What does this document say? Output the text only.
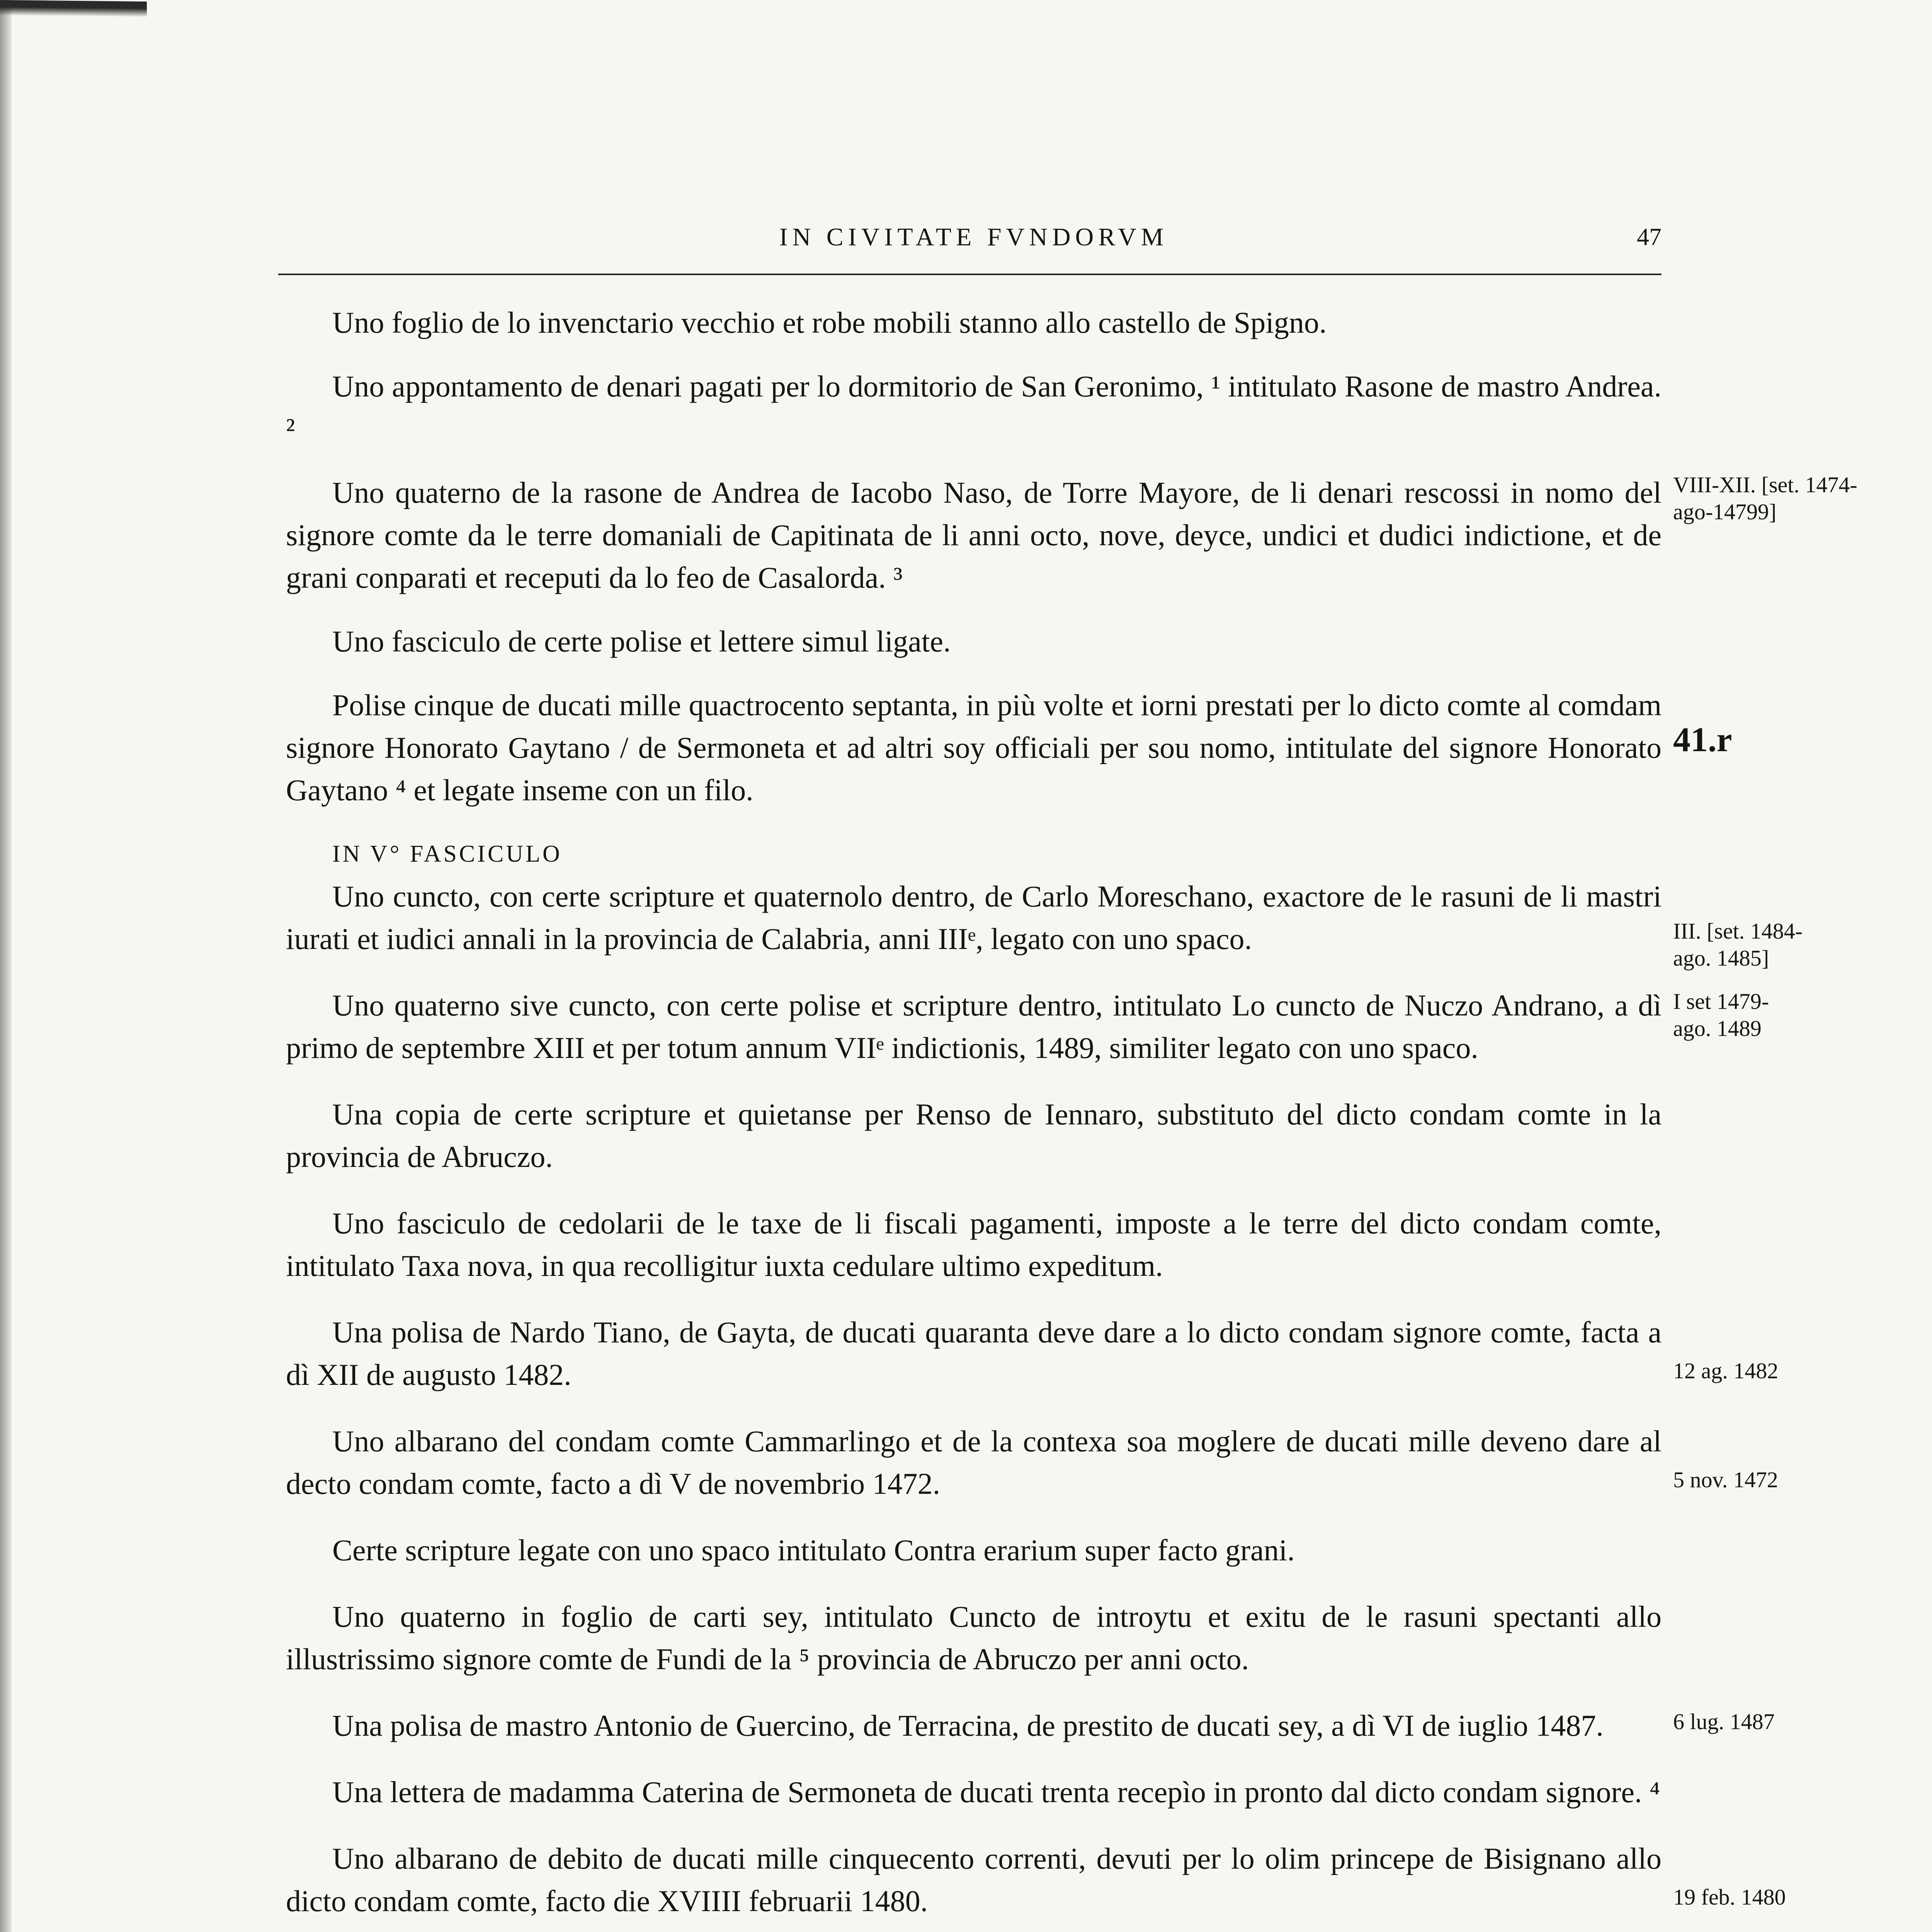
IN CIVITATE FVNDORVM	47

Uno foglio de lo invenctario vecchio et robe mobili stanno allo castello de Spigno.

Uno appontamento de denari pagati per lo dormitorio de San Geronimo, ¹ intitulato Rasone de mastro Andrea. ²

Uno quaterno de la rasone de Andrea de Iacobo Naso, de Torre Mayore, de li denari rescossi in nomo del signore comte da le terre domaniali de Capitinata de li anni octo, nove, deyce, undici et dudici indictione, et de grani conparati et receputi da lo feo de Casalorda. ³

VIII-XII. [set. 1474-
ago-14799]

Uno fasciculo de certe polise et lettere simul ligate.

Polise cinque de ducati mille quactrocento septanta, in più volte et iorni prestati per lo dicto comte al comdam signore Honorato Gaytano / de Sermoneta et ad altri soy officiali per sou nomo, intitulate del signore Honorato Gaytano ⁴ et legate inseme con un filo.

41.r

IN V° FASCICULO

Uno cuncto, con certe scripture et quaternolo dentro, de Carlo Moreschano, exactore de le rasuni de li mastri iurati et iudici annali in la provincia de Calabria, anni IIIᵉ, legato con uno spaco.	III. [set. 1484-
ago. 1485]

Uno quaterno sive cuncto, con certe polise et scripture dentro, intitulato Lo cuncto de Nuczo Andrano, a dì primo de septembre XIII et per totum annum VIIᵉ indictionis, 1489, similiter legato con uno spaco.

I set 1479-
ago. 1489

Una copia de certe scripture et quietanse per Renso de Iennaro, substituto del dicto condam comte in la provincia de Abruczo.

Uno fasciculo de cedolarii de le taxe de li fiscali pagamenti, imposte a le terre del dicto condam comte, intitulato Taxa nova, in qua recolligitur iuxta cedulare ultimo expeditum.

Una polisa de Nardo Tiano, de Gayta, de ducati quaranta deve dare a lo dicto condam signore comte, facta a dì XII de augusto 1482.	12 ag. 1482

Uno albarano del condam comte Cammarlingo et de la contexa soa moglere de ducati mille deveno dare al decto condam comte, facto a dì V de novembrio 1472.	5 nov. 1472

Certe scripture legate con uno spaco intitulato Contra erarium super facto grani.

Uno quaterno in foglio de carti sey, intitulato Cuncto de introytu et exitu de le rasuni spectanti allo illustrissimo signore comte de Fundi de la ⁵ provincia de Abruczo per anni octo.

Una polisa de mastro Antonio de Guercino, de Terracina, de prestito de ducati sey, a dì VI de iuglio 1487.	6 lug. 1487

Una lettera de madamma Caterina de Sermoneta de ducati trenta recepìo in pronto dal dicto condam signore. ⁴

Uno albarano de debito de ducati mille cinquecento correnti, devuti per lo olim princepe de Bisignano allo dicto condam comte, facto die XVIIII februarii 1480.	19 feb. 1480
